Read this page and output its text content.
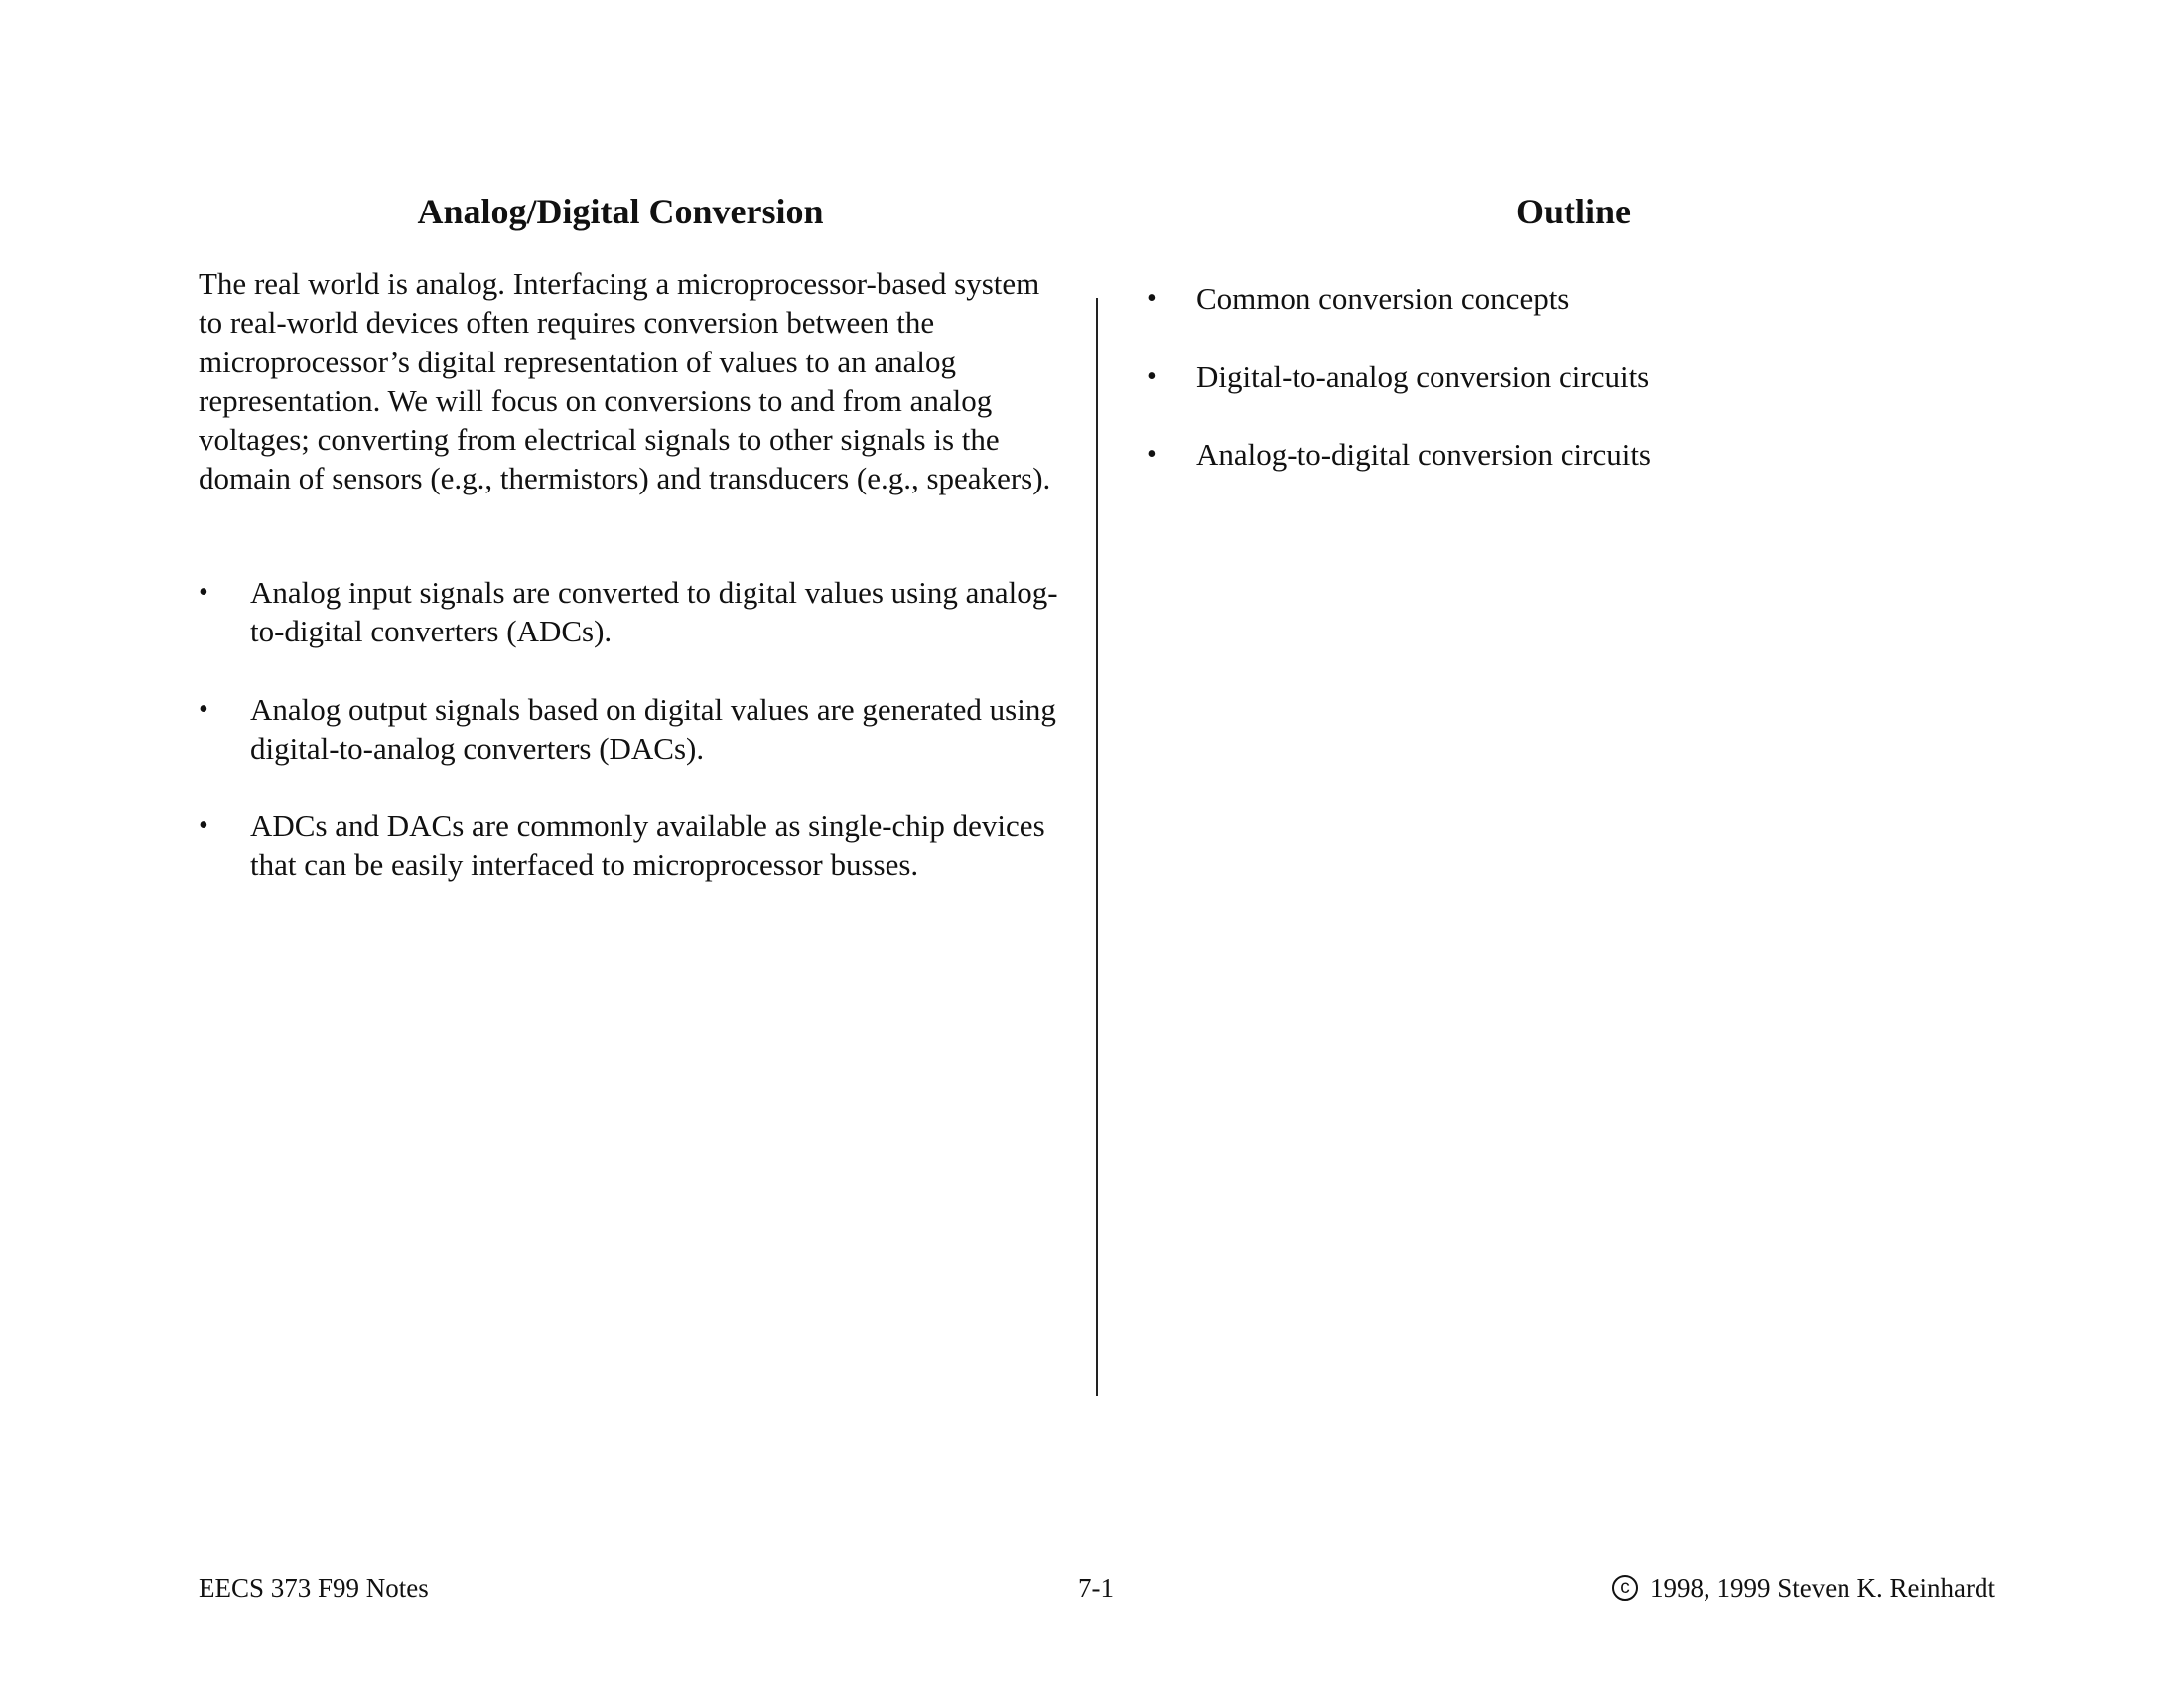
Analog/Digital Conversion

The real world is analog. Interfacing a microprocessor-based system to real-world devices often requires conversion between the microprocessor’s digital representation of values to an analog representation. We will focus on conversions to and from analog voltages; converting from electrical signals to other signals is the domain of sensors (e.g., thermistors) and transducers (e.g., speakers).

•	Analog input signals are converted to digital values using analog-to-digital converters (ADCs).
•	Analog output signals based on digital values are generated using digital-to-analog converters (DACs).
•	ADCs and DACs are commonly available as single-chip devices that can be easily interfaced to microprocessor busses.
Outline
•	Common conversion concepts
•	Digital-to-analog conversion circuits
•	Analog-to-digital conversion circuits
EECS 373 F99 Notes	7-1	c 1998, 1999 Steven K. Reinhardt
